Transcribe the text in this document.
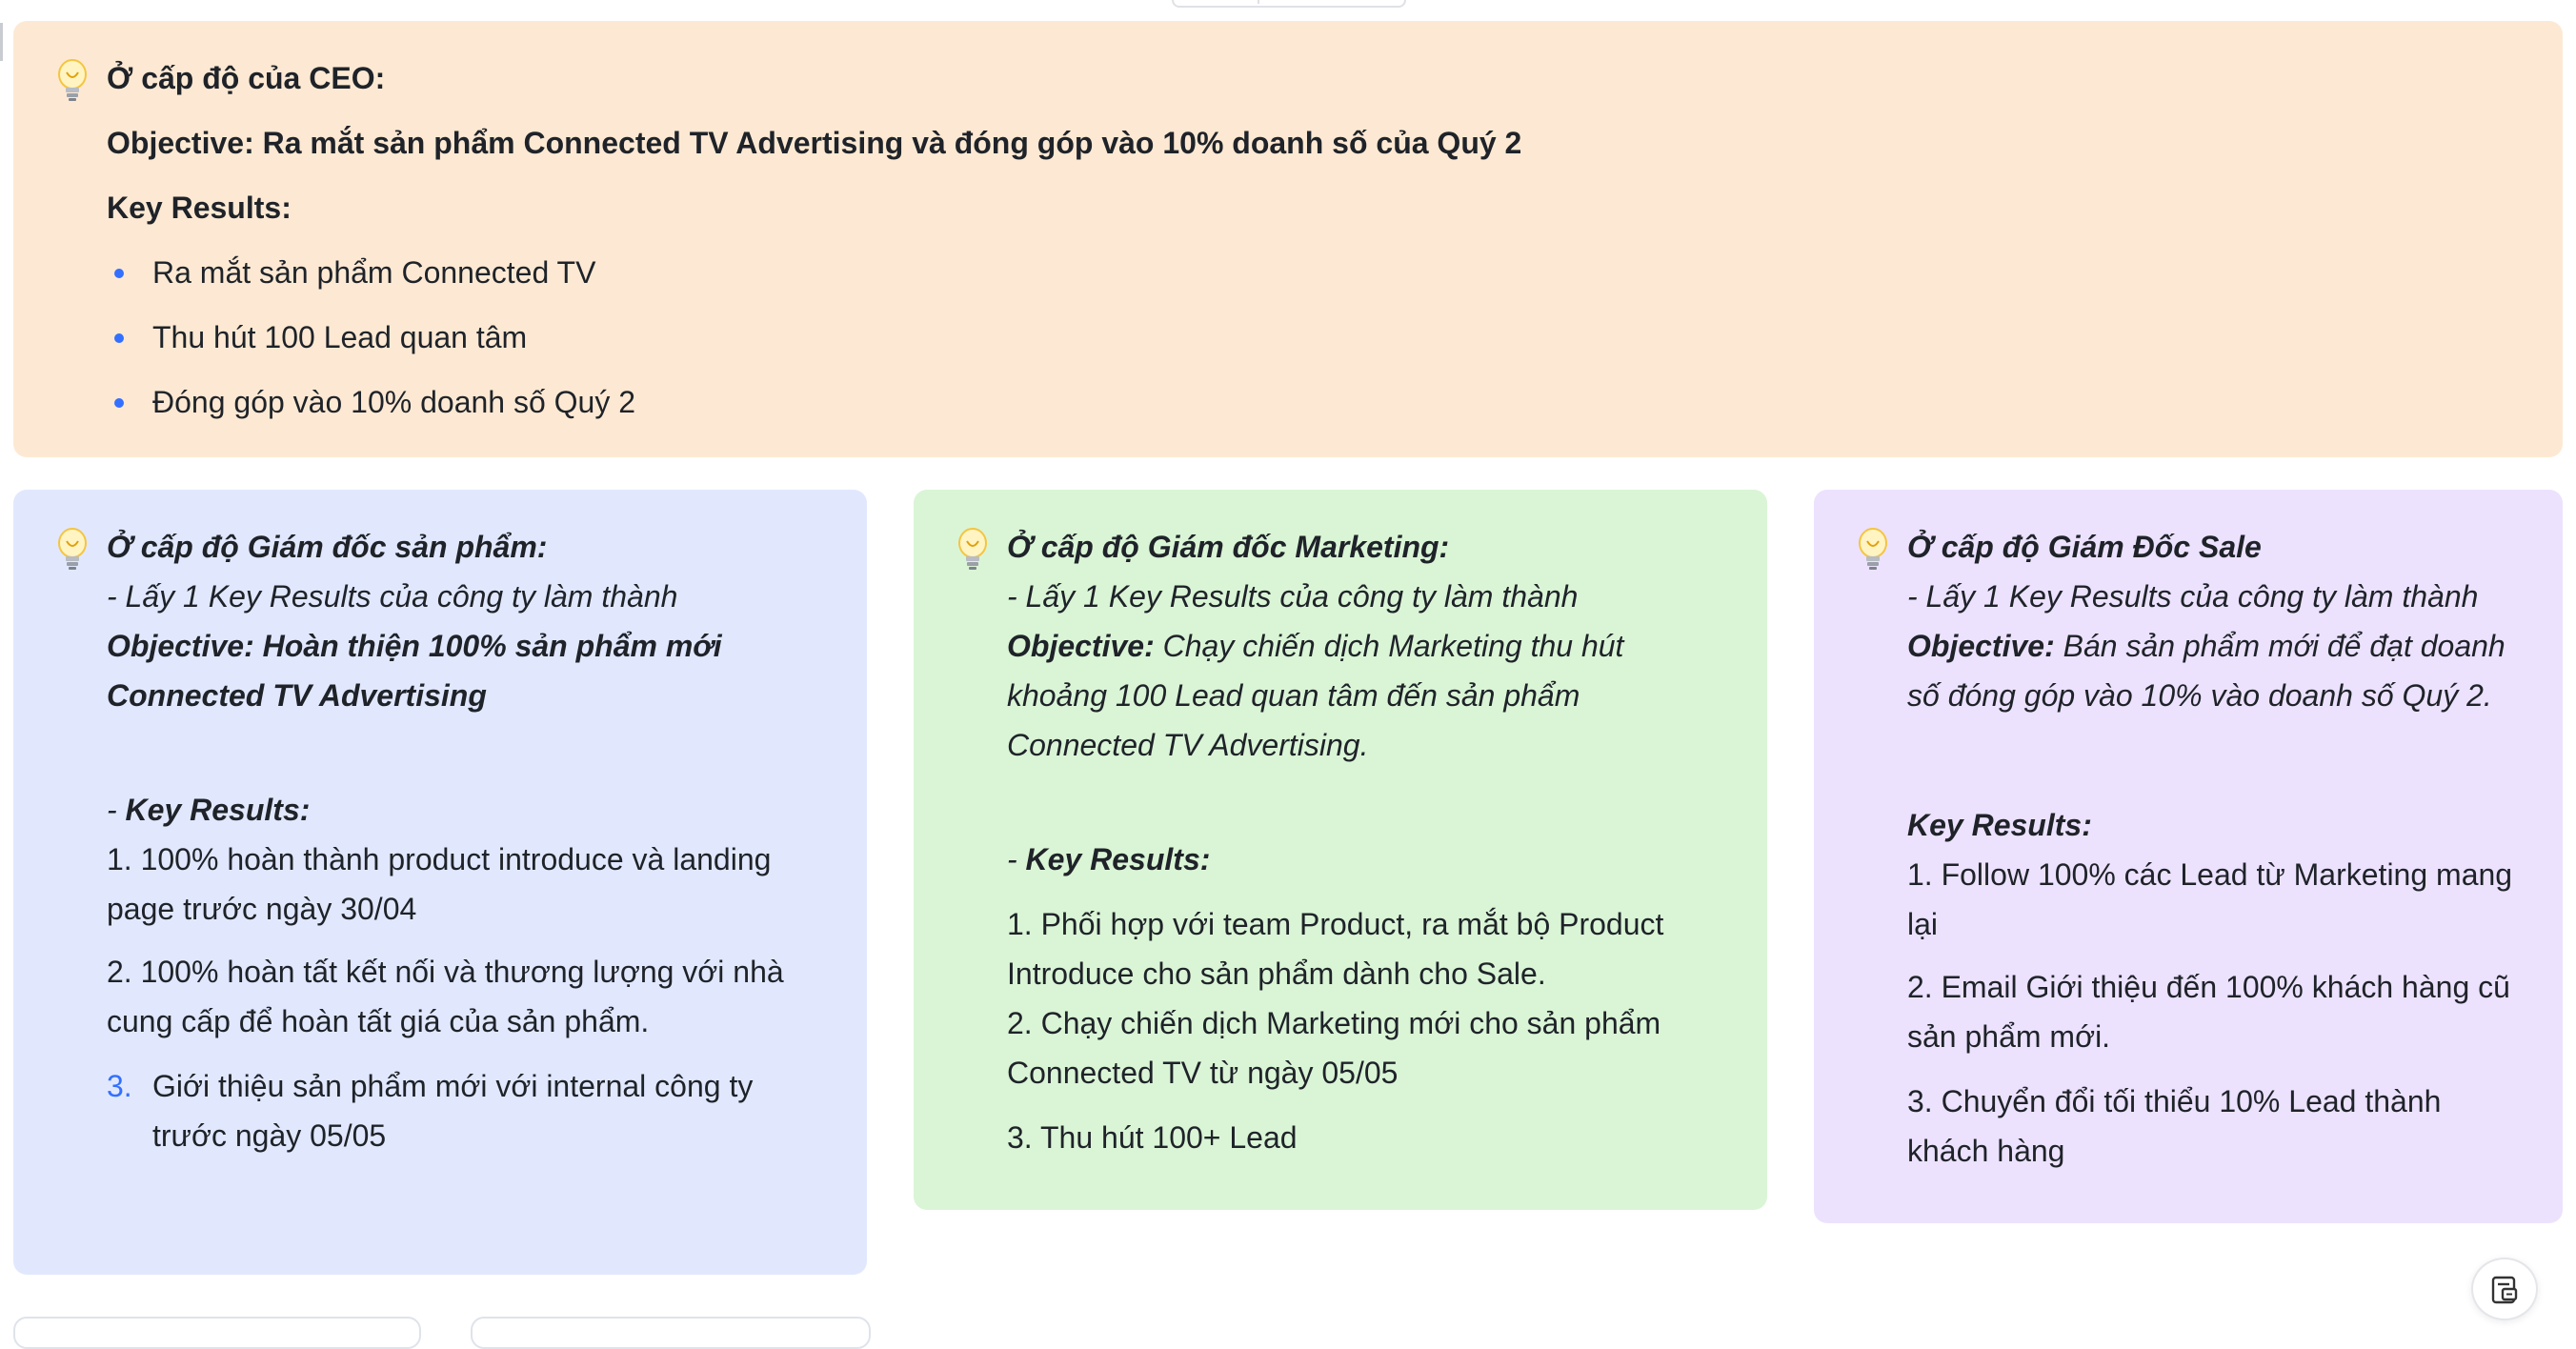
Ở cấp độ của CEO:

Objective: Ra mắt sản phẩm Connected TV Advertising và đóng góp vào 10% doanh số của Quý 2

Key Results:

Ra mắt sản phẩm Connected TV
Thu hút 100 Lead quan tâm
Đóng góp vào 10% doanh số Quý 2

Ở cấp độ Giám đốc sản phẩm:

- Lấy 1 Key Results của công ty làm thành

Objective: Hoàn thiện 100% sản phẩm mới

Connected TV Advertising

- Key Results:

1. 100% hoàn thành product introduce và landing

page trước ngày 30/04

2. 100% hoàn tất kết nối và thương lượng với nhà

cung cấp để hoàn tất giá của sản phẩm.

3. Giới thiệu sản phẩm mới với internal công ty

trước ngày 05/05

Ở cấp độ Giám đốc Marketing:

- Lấy 1 Key Results của công ty làm thành

Objective: Chạy chiến dịch Marketing thu hút

khoảng 100 Lead quan tâm đến sản phẩm

Connected TV Advertising.

- Key Results:

1. Phối hợp với team Product, ra mắt bộ Product

Introduce cho sản phẩm dành cho Sale.

2. Chạy chiến dịch Marketing mới cho sản phẩm

Connected TV từ ngày 05/05

3. Thu hút 100+ Lead

Ở cấp độ Giám Đốc Sale

- Lấy 1 Key Results của công ty làm thành

Objective: Bán sản phẩm mới để đạt doanh

số đóng góp vào 10% vào doanh số Quý 2.

Key Results:

1. Follow 100% các Lead từ Marketing mang

lại

2. Email Giới thiệu đến 100% khách hàng cũ

sản phẩm mới.

3. Chuyển đổi tối thiểu 10% Lead thành

khách hàng
